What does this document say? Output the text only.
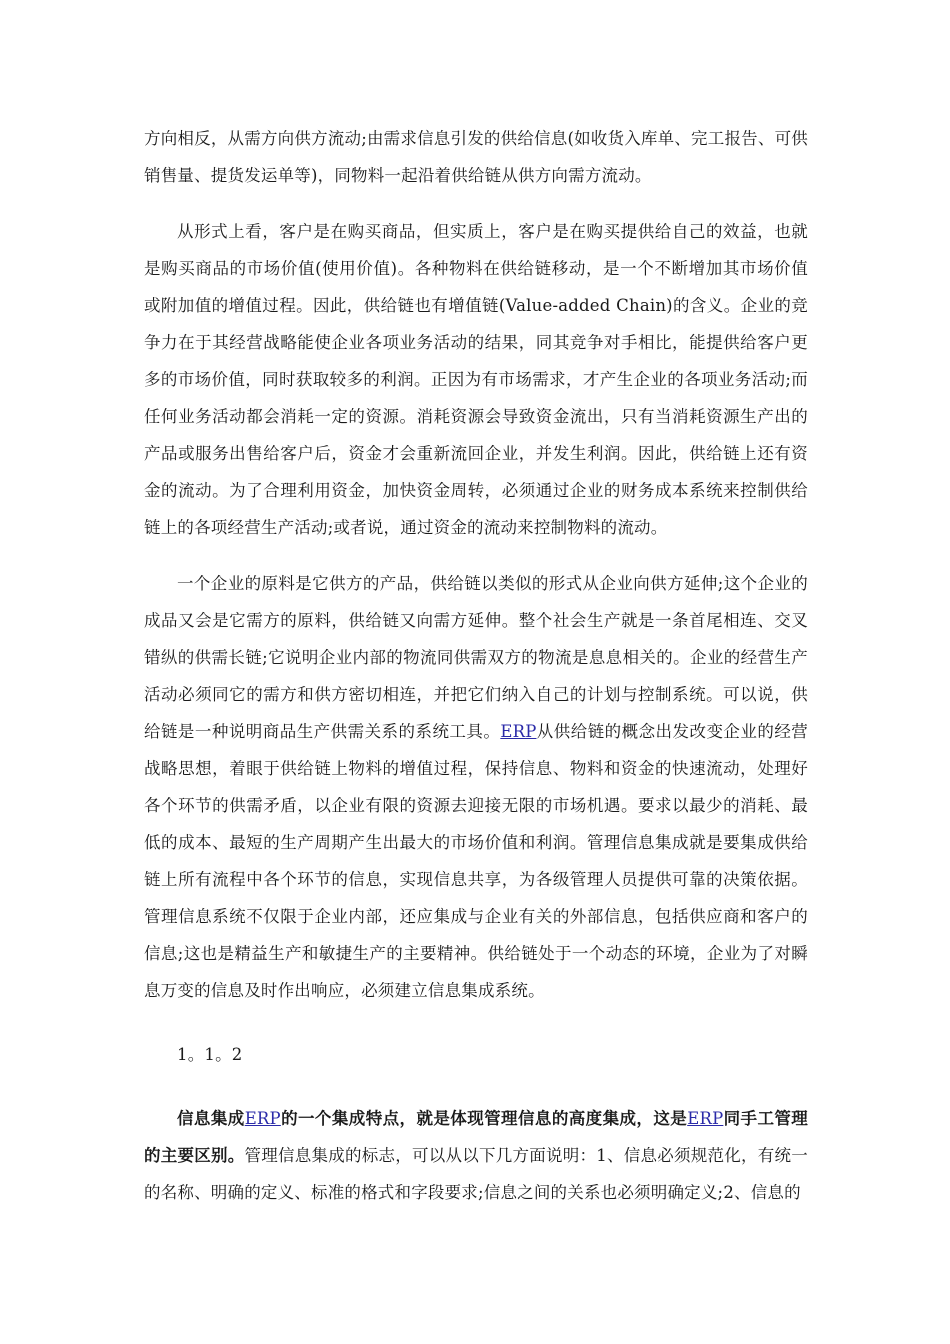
方向相反，从需方向供方流动;由需求信息引发的供给信息(如收货入库单、完工报告、可供销售量、提货发运单等)，同物料一起沿着供给链从供方向需方流动。

从形式上看，客户是在购买商品，但实质上，客户是在购买提供给自己的效益，也就是购买商品的市场价值(使用价值)。各种物料在供给链移动，是一个不断增加其市场价值或附加值的增值过程。因此，供给链也有增值链(Value-added Chain)的含义。企业的竞争力在于其经营战略能使企业各项业务活动的结果，同其竞争对手相比，能提供给客户更多的市场价值，同时获取较多的利润。正因为有市场需求，才产生企业的各项业务活动;而任何业务活动都会消耗一定的资源。消耗资源会导致资金流出，只有当消耗资源生产出的产品或服务出售给客户后，资金才会重新流回企业，并发生利润。因此，供给链上还有资金的流动。为了合理利用资金，加快资金周转，必须通过企业的财务成本系统来控制供给链上的各项经营生产活动;或者说，通过资金的流动来控制物料的流动。

一个企业的原料是它供方的产品，供给链以类似的形式从企业向供方延伸;这个企业的成品又会是它需方的原料，供给链又向需方延伸。整个社会生产就是一条首尾相连、交叉错纵的供需长链;它说明企业内部的物流同供需双方的物流是息息相关的。企业的经营生产活动必须同它的需方和供方密切相连，并把它们纳入自己的计划与控制系统。可以说，供给链是一种说明商品生产供需关系的系统工具。ERP从供给链的概念出发改变企业的经营战略思想，着眼于供给链上物料的增值过程，保持信息、物料和资金的快速流动，处理好各个环节的供需矛盾，以企业有限的资源去迎接无限的市场机遇。要求以最少的消耗、最低的成本、最短的生产周期产生出最大的市场价值和利润。管理信息集成就是要集成供给链上所有流程中各个环节的信息，实现信息共享，为各级管理人员提供可靠的决策依据。管理信息系统不仅限于企业内部，还应集成与企业有关的外部信息，包括供应商和客户的信息;这也是精益生产和敏捷生产的主要精神。供给链处于一个动态的环境，企业为了对瞬息万变的信息及时作出响应，必须建立信息集成系统。

1。1。2

信息集成ERP的一个集成特点，就是体现管理信息的高度集成，这是ERP同手工管理的主要区别。管理信息集成的标志，可以从以下几方面说明：1、信息必须规范化，有统一的名称、明确的定义、标准的格式和字段要求;信息之间的关系也必须明确定义;2、信息的
